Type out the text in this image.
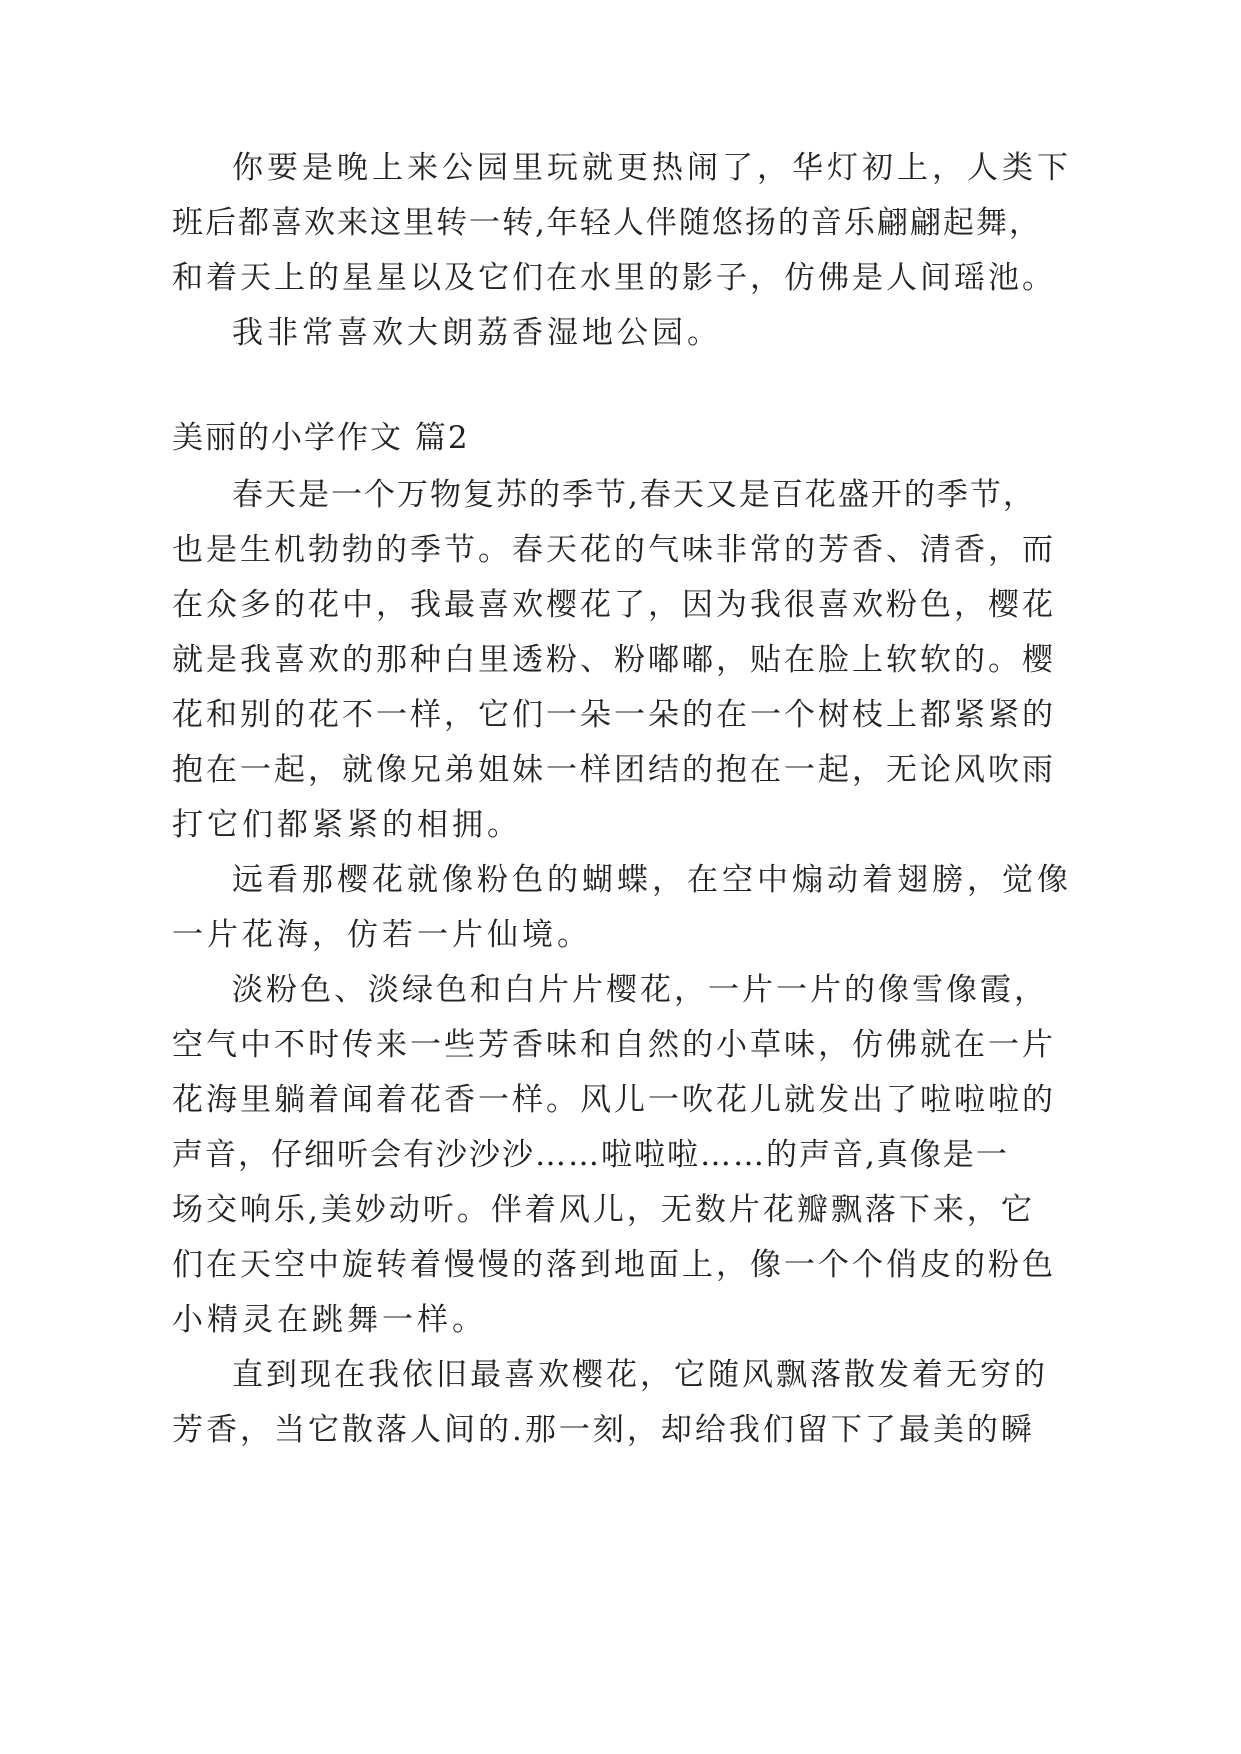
你要是晚上来公园里玩就更热闹了，华灯初上，人类下
班后都喜欢来这里转一转,年轻人伴随悠扬的音乐翩翩起舞，
和着天上的星星以及它们在水里的影子，仿佛是人间瑶池。
我非常喜欢大朗荔香湿地公园。
美丽的小学作文 篇2
春天是一个万物复苏的季节,春天又是百花盛开的季节，
也是生机勃勃的季节。春天花的气味非常的芳香、清香，而
在众多的花中，我最喜欢樱花了，因为我很喜欢粉色，樱花
就是我喜欢的那种白里透粉、粉嘟嘟，贴在脸上软软的。樱
花和别的花不一样，它们一朵一朵的在一个树枝上都紧紧的
抱在一起，就像兄弟姐妹一样团结的抱在一起，无论风吹雨
打它们都紧紧的相拥。
远看那樱花就像粉色的蝴蝶，在空中煽动着翅膀，觉像
一片花海，仿若一片仙境。
淡粉色、淡绿色和白片片樱花，一片一片的像雪像霞，
空气中不时传来一些芳香味和自然的小草味，仿佛就在一片
花海里躺着闻着花香一样。风儿一吹花儿就发出了啦啦啦的
声音，仔细听会有沙沙沙……啦啦啦……的声音,真像是一
场交响乐,美妙动听。伴着风儿，无数片花瓣飘落下来，它
们在天空中旋转着慢慢的落到地面上，像一个个俏皮的粉色
小精灵在跳舞一样。
直到现在我依旧最喜欢樱花，它随风飘落散发着无穷的
芳香，当它散落人间的.那一刻，却给我们留下了最美的瞬
